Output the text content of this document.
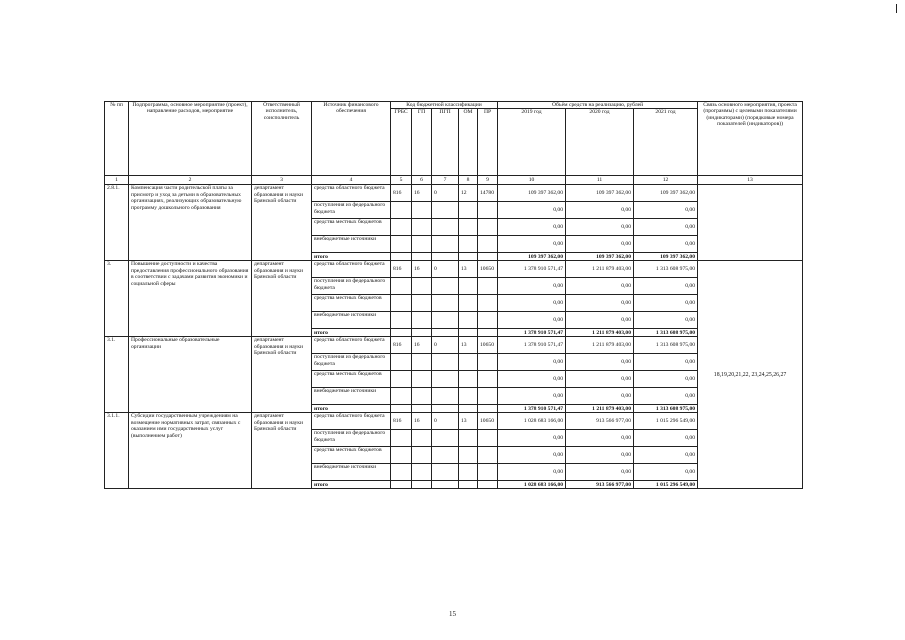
№ пп	Подпрограмма, основное мероприятие (проект), направление расходов, мероприятие	Ответственный исполнитель, соисполнитель	Источник финансового обеспечения	Код бюджетной классификации					Объём средств на реализацию, рублей			Связь основного мероприятия, проекта (программы) с целевыми показателями (индикаторами) (порядковые номера показателей (индикаторов))
				ГРБС	ГП	ПГП	ОМ	ПР	2019 год	2020 год	2021 год	
1	2	3	4	5	6	7	8	9	10	11	12	13
2.8.1.	Компенсация части родительской платы за присмотр и уход за детьми в образовательных организациях, реализующих образовательную программу дошкольного образования	департамент образования и науки Брянской области	средства областного бюджета	816	16	0	12	14780	109 397 362,00	109 397 362,00	109 397 362,00	
			поступления из федерального бюджета						0,00	0,00	0,00	
			средства местных бюджетов						0,00	0,00	0,00	
			внебюджетные источники						0,00	0,00	0,00	
			итого						109 397 362,00	109 397 362,00	109 397 362,00	
3.	Повышение доступности и качества предоставления профессионального образования в соответствии с задачами развития экономики и социальной сферы	департамент образования и науки Брянской области	средства областного бюджета	816	16	0	13	10650	1 378 910 571,47	1 211 879 403,00	1 313 608 975,00	18,19,20,21,22, 23,24,25,26,27
			поступления из федерального бюджета						0,00	0,00	0,00	
			средства местных бюджетов						0,00	0,00	0,00	
			внебюджетные источники						0,00	0,00	0,00	
			итого						1 378 910 571,47	1 211 879 403,00	1 313 608 975,00	
3.1.	Профессиональные образовательные организации	департамент образования и науки Брянской области	средства областного бюджета	816	16	0	13	10650	1 378 910 571,47	1 211 879 403,00	1 313 608 975,00	
			поступления из федерального бюджета						0,00	0,00	0,00	
			средства местных бюджетов						0,00	0,00	0,00	
			внебюджетные источники						0,00	0,00	0,00	
			итого						1 378 910 571,47	1 211 879 403,00	1 313 608 975,00	
3.1.1.	Субсидии государственным учреждениям на возмещение нормативных затрат, связанных с оказанием ими государственных услуг (выполнением работ)	департамент образования и науки Брянской области	средства областного бюджета	816	16	0	13	10650	1 028 683 166,00	913 566 977,00	1 015 296 549,00	
			поступления из федерального бюджета						0,00	0,00	0,00	
			средства местных бюджетов						0,00	0,00	0,00	
			внебюджетные источники						0,00	0,00	0,00	
			итого						1 028 683 166,00	913 566 977,00	1 015 296 549,00	
15
